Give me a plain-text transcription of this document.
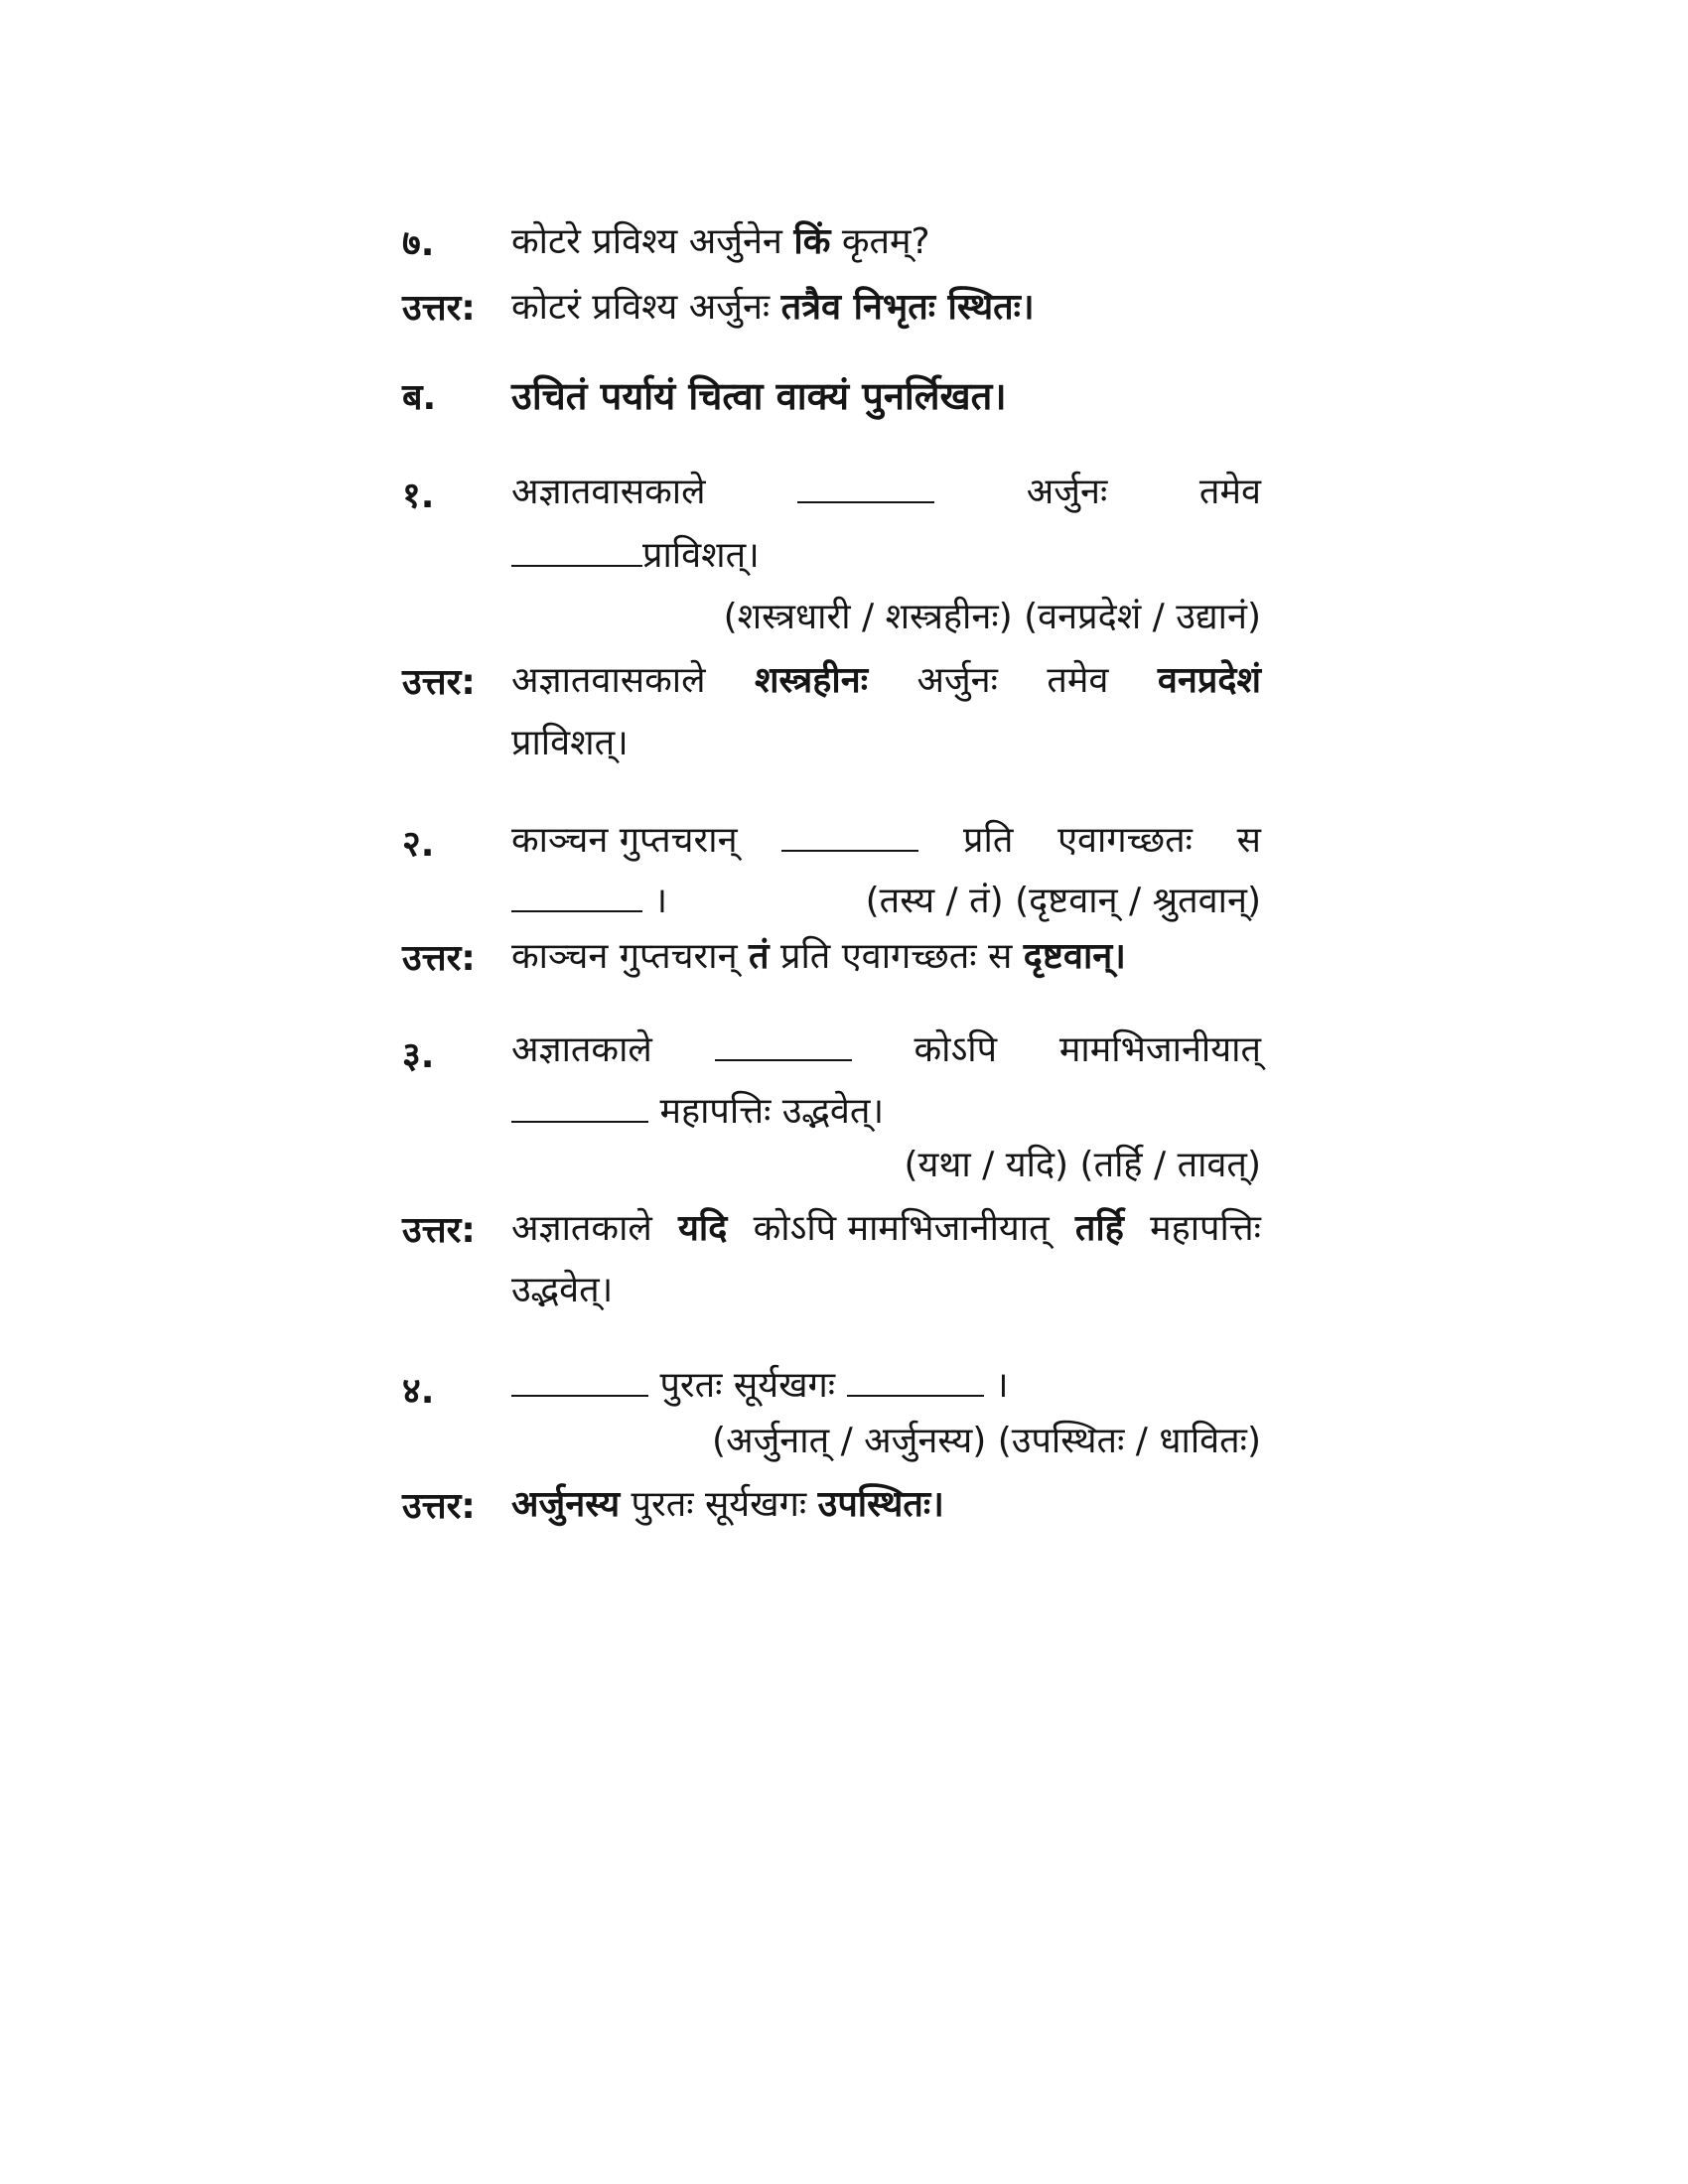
७. कोटरे प्रविश्य अर्जुनेन किं कृतम्?
उत्तर: कोटरं प्रविश्य अर्जुनः तत्रैव निभृतः स्थितः।
ब. उचितं पर्यायं चित्वा वाक्यं पुनर्लिखत।
१. अज्ञातवासकाले	अर्जुनः	तमेव
प्राविशत्।
(शस्त्रधारी / शस्त्रहीनः) (वनप्रदेशं / उद्यानं)
उत्तर: अज्ञातवासकाले शस्त्रहीनः अर्जुनः तमेव वनप्रदेशं
प्राविशत्।
२. काञ्चन गुप्तचरान्	प्रति एवागच्छतः स
।	(तस्य / तं) (दृष्टवान् / श्रुतवान्)
उत्तर: काञ्चन गुप्तचरान् तं प्रति एवागच्छतः स दृष्टवान्।
३. अज्ञातकाले	कोऽपि मामभिजानीयात्
महापत्तिः उद्भवेत्।
(यथा / यदि) (तर्हि / तावत्)
उत्तर: अज्ञातकाले यदि कोऽपि मामभिजानीयात् तर्हि महापत्तिः
उद्भवेत्।
४.	पुरतः सूर्यखगः	।
(अर्जुनात् / अर्जुनस्य) (उपस्थितः / धावितः)
उत्तर: अर्जुनस्य पुरतः सूर्यखगः उपस्थितः।
